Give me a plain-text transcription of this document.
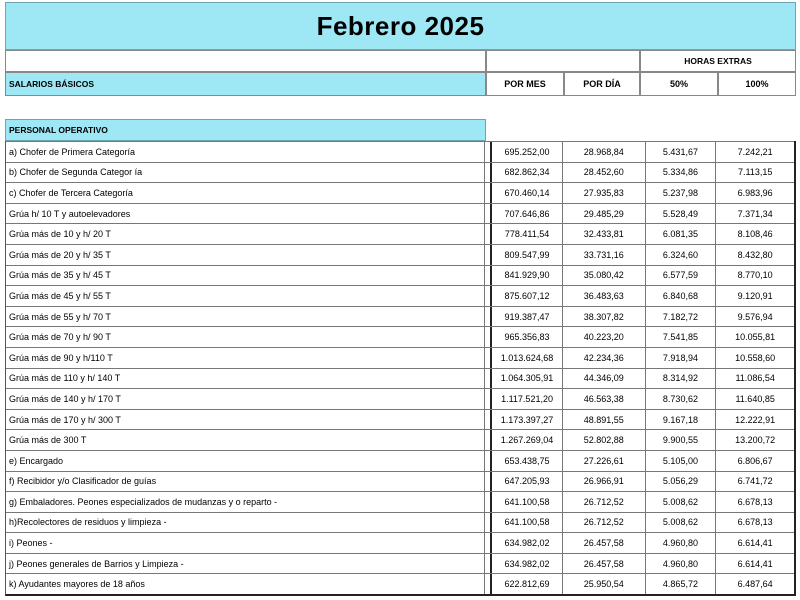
Febrero 2025
HORAS EXTRAS
SALARIOS BÁSICOS	POR MES	POR DÍA	50%	100%
PERSONAL OPERATIVO
a) Chofer de Primera Categoría	695.252,00	28.968,84	5.431,67	7.242,21
b) Chofer de Segunda Categor ía	682.862,34	28.452,60	5.334,86	7.113,15
c) Chofer de Tercera Categoría	670.460,14	27.935,83	5.237,98	6.983,96
Grúa h/ 10 T y autoelevadores	707.646,86	29.485,29	5.528,49	7.371,34
Grúa más de 10 y h/ 20 T	778.411,54	32.433,81	6.081,35	8.108,46
Grúa más de 20 y h/ 35 T	809.547,99	33.731,16	6.324,60	8.432,80
Grúa más de 35 y h/ 45 T	841.929,90	35.080,42	6.577,59	8.770,10
Grúa más de 45 y h/ 55 T	875.607,12	36.483,63	6.840,68	9.120,91
Grúa más de 55 y h/ 70 T	919.387,47	38.307,82	7.182,72	9.576,94
Grúa más de 70 y h/ 90 T	965.356,83	40.223,20	7.541,85	10.055,81
Grúa más de 90 y h/110 T	1.013.624,68	42.234,36	7.918,94	10.558,60
Grúa más de 110 y h/ 140 T	1.064.305,91	44.346,09	8.314,92	11.086,54
Grúa más de 140 y h/ 170 T	1.117.521,20	46.563,38	8.730,62	11.640,85
Grúa más de 170 y h/ 300 T	1.173.397,27	48.891,55	9.167,18	12.222,91
Grúa más de 300 T	1.267.269,04	52.802,88	9.900,55	13.200,72
e) Encargado	653.438,75	27.226,61	5.105,00	6.806,67
f) Recibidor y/o Clasificador de guías	647.205,93	26.966,91	5.056,29	6.741,72
g) Embaladores. Peones especializados de mudanzas y o reparto -	641.100,58	26.712,52	5.008,62	6.678,13
h)Recolectores de residuos y limpieza -	641.100,58	26.712,52	5.008,62	6.678,13
i) Peones -	634.982,02	26.457,58	4.960,80	6.614,41
j) Peones generales de Barrios y Limpieza -	634.982,02	26.457,58	4.960,80	6.614,41
k) Ayudantes mayores de 18 años	622.812,69	25.950,54	4.865,72	6.487,64
